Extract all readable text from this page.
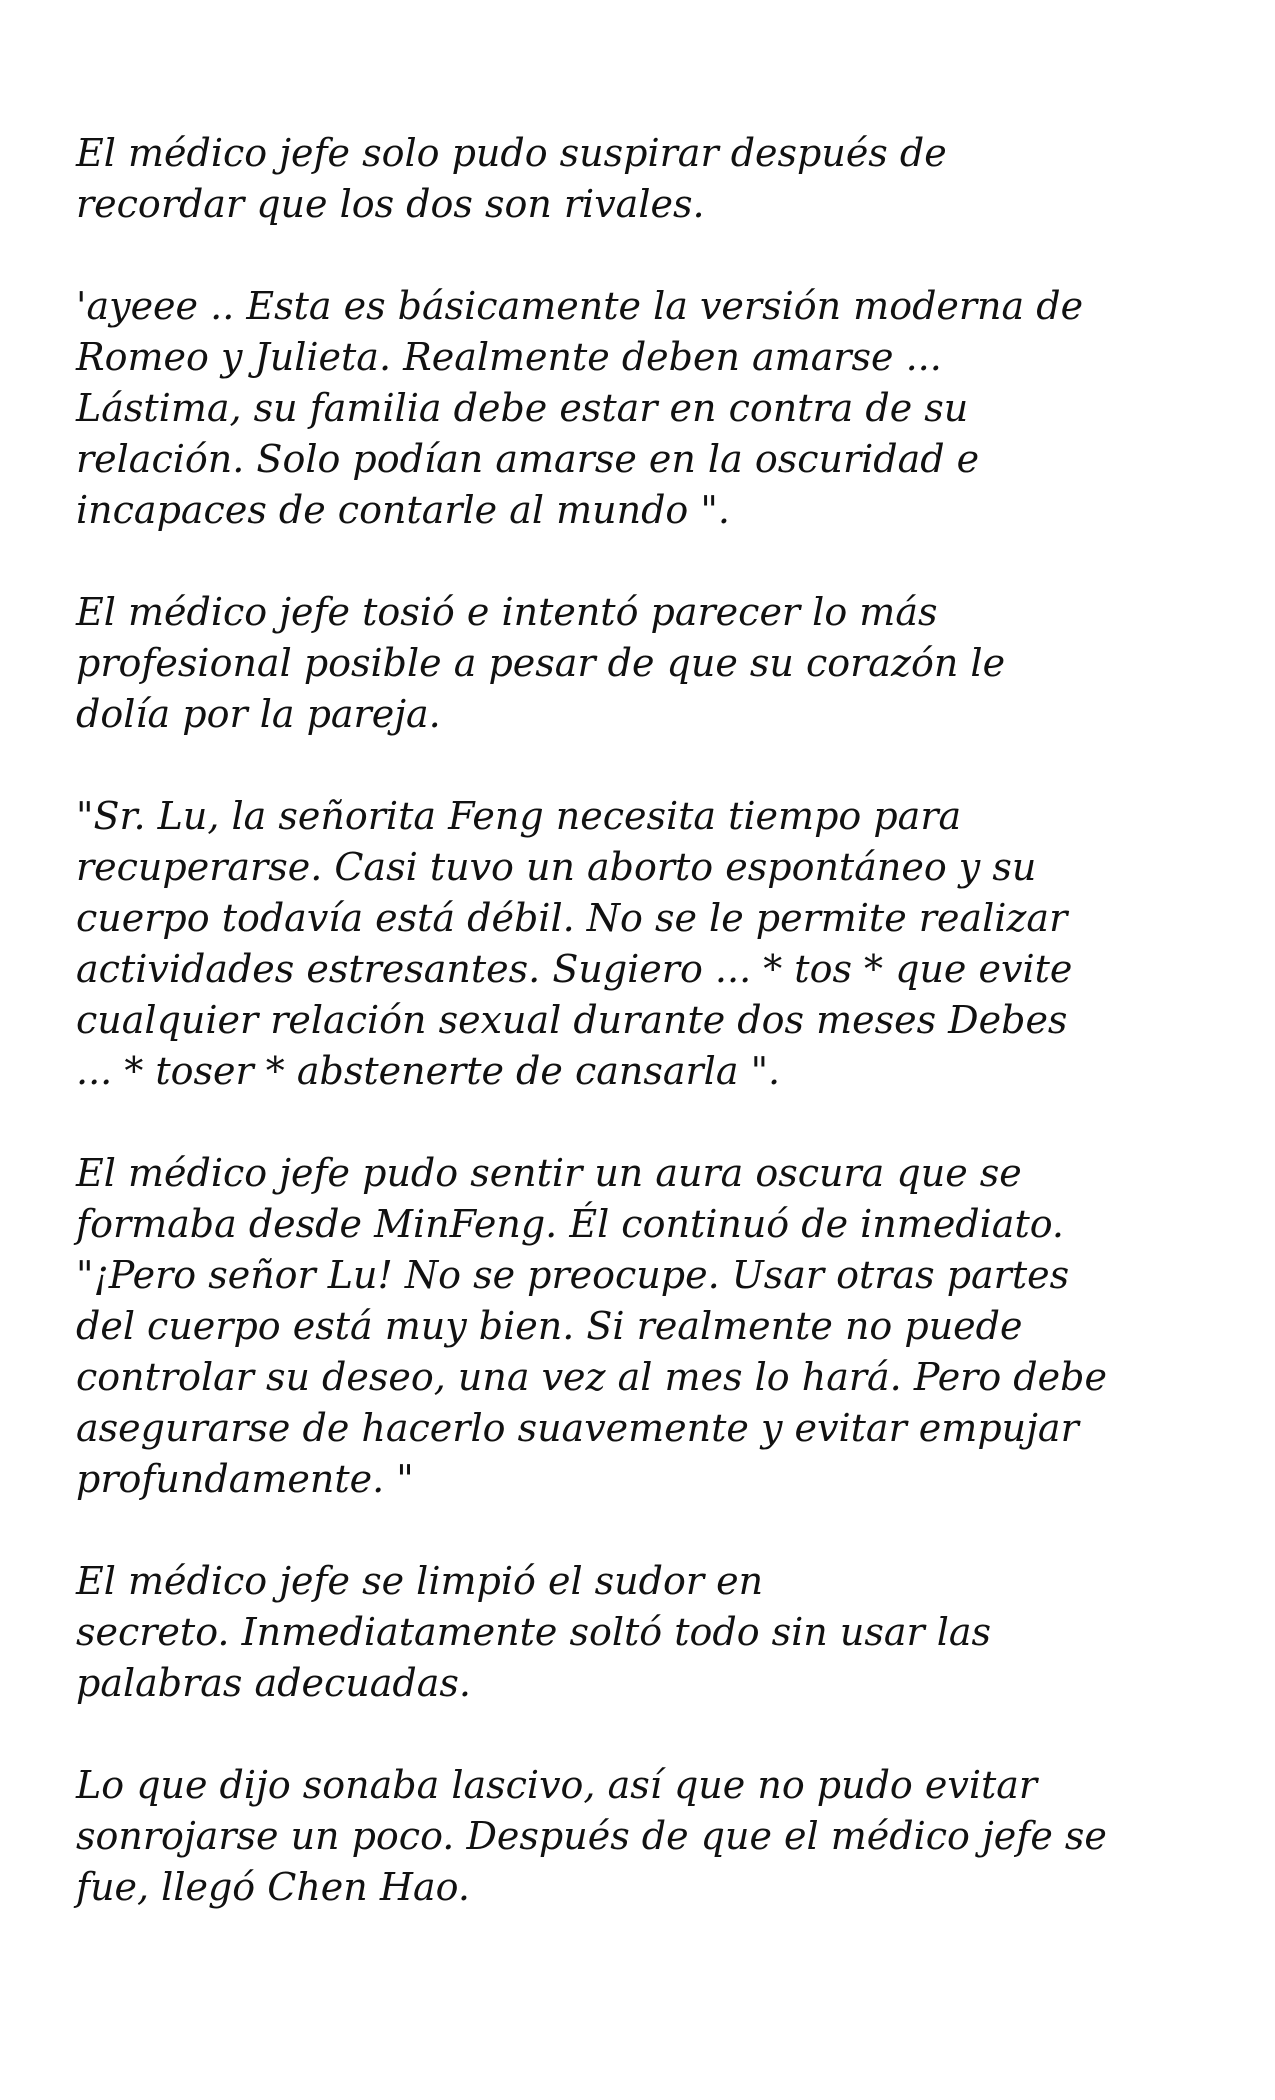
El médico jefe solo pudo suspirar después de
recordar que los dos son rivales.

'ayeee .. Esta es básicamente la versión moderna de
Romeo y Julieta. Realmente deben amarse ...
Lástima, su familia debe estar en contra de su
relación. Solo podían amarse en la oscuridad e
incapaces de contarle al mundo ".

El médico jefe tosió e intentó parecer lo más
profesional posible a pesar de que su corazón le
dolía por la pareja.

"Sr. Lu, la señorita Feng necesita tiempo para
recuperarse. Casi tuvo un aborto espontáneo y su
cuerpo todavía está débil. No se le permite realizar
actividades estresantes. Sugiero ... * tos * que evite
cualquier relación sexual durante dos meses Debes
... * toser * abstenerte de cansarla ".

El médico jefe pudo sentir un aura oscura que se
formaba desde MinFeng. Él continuó de inmediato.
"¡Pero señor Lu! No se preocupe. Usar otras partes
del cuerpo está muy bien. Si realmente no puede
controlar su deseo, una vez al mes lo hará. Pero debe
asegurarse de hacerlo suavemente y evitar empujar
profundamente. "

El médico jefe se limpió el sudor en
secreto. Inmediatamente soltó todo sin usar las
palabras adecuadas.

Lo que dijo sonaba lascivo, así que no pudo evitar
sonrojarse un poco. Después de que el médico jefe se
fue, llegó Chen Hao.
